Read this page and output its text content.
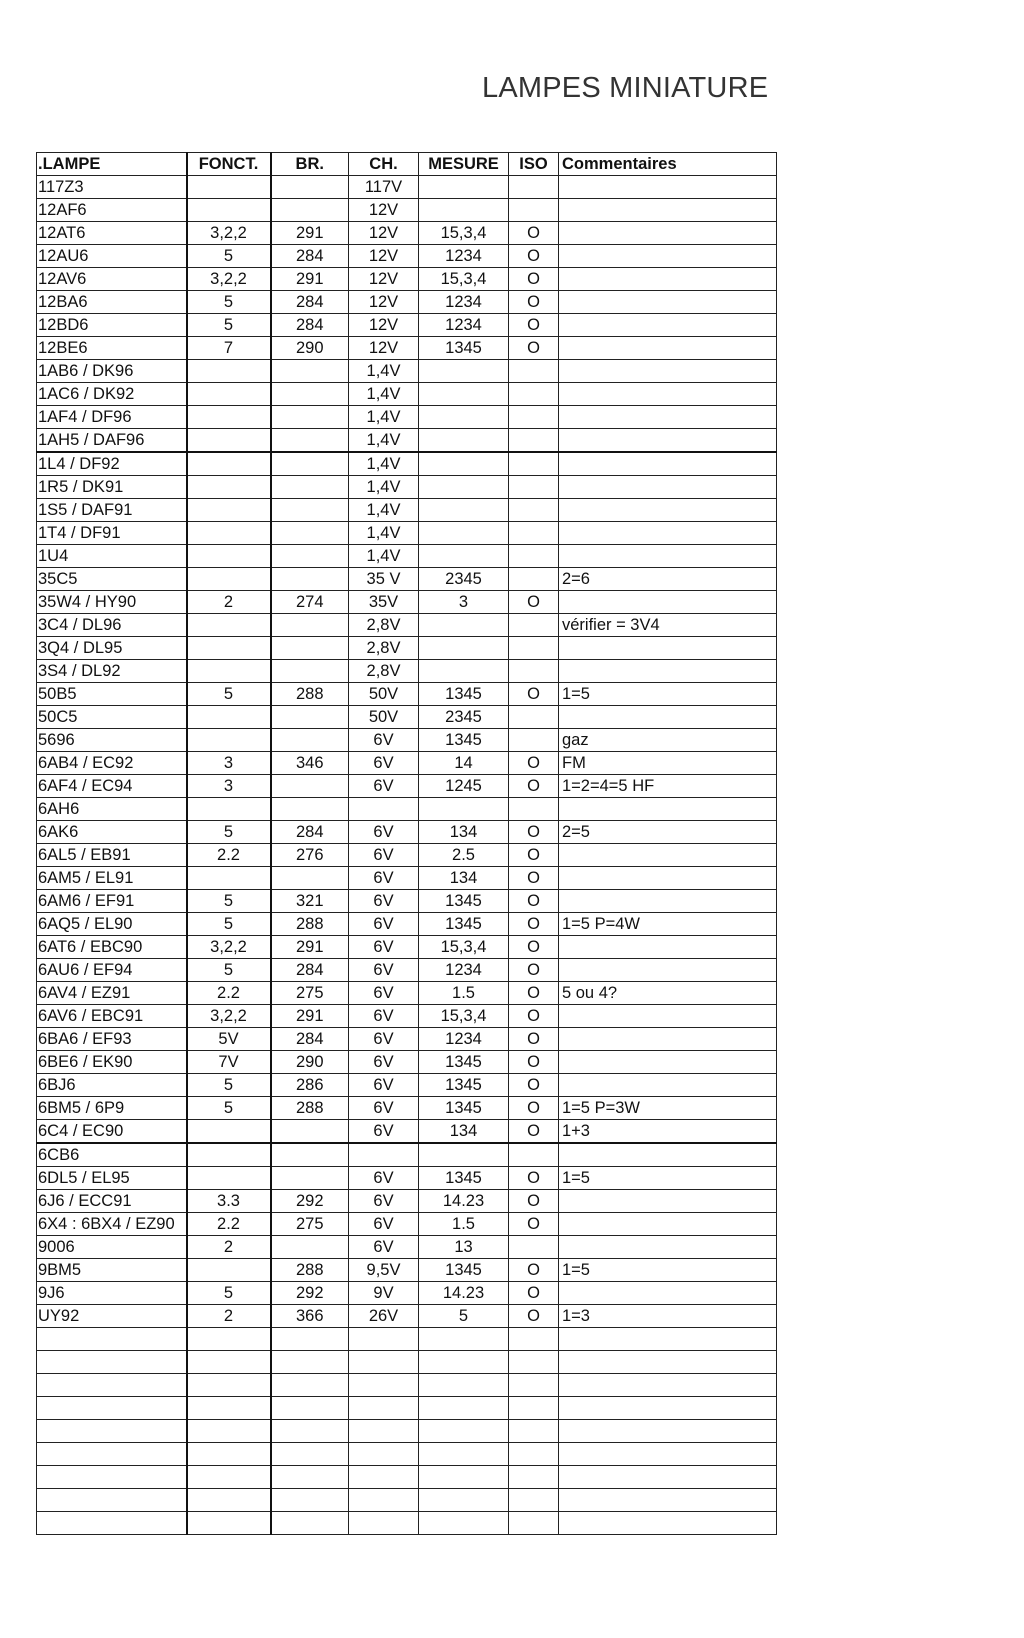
LAMPES MINIATURE
.LAMPE	FONCT.	BR.	CH.	MESURE	ISO	Commentaires
117Z3			117V			
12AF6			12V			
12AT6	3,2,2	291	12V	15,3,4	O	
12AU6	5	284	12V	1234	O	
12AV6	3,2,2	291	12V	15,3,4	O	
12BA6	5	284	12V	1234	O	
12BD6	5	284	12V	1234	O	
12BE6	7	290	12V	1345	O	
1AB6 / DK96			1,4V			
1AC6 / DK92			1,4V			
1AF4 / DF96			1,4V			
1AH5 / DAF96			1,4V			
1L4 / DF92			1,4V			
1R5 / DK91			1,4V			
1S5 / DAF91			1,4V			
1T4 / DF91			1,4V			
1U4			1,4V			
35C5			35 V	2345		2=6
35W4 / HY90	2	274	35V	3	O	
3C4 / DL96			2,8V			vérifier = 3V4
3Q4 / DL95			2,8V			
3S4 / DL92			2,8V			
50B5	5	288	50V	1345	O	1=5
50C5			50V	2345		
5696			6V	1345		gaz
6AB4 / EC92	3	346	6V	14	O	FM
6AF4 / EC94	3		6V	1245	O	1=2=4=5 HF
6AH6						
6AK6	5	284	6V	134	O	2=5
6AL5 / EB91	2.2	276	6V	2.5	O	
6AM5 / EL91			6V	134	O	
6AM6 / EF91	5	321	6V	1345	O	
6AQ5 / EL90	5	288	6V	1345	O	1=5 P=4W
6AT6 / EBC90	3,2,2	291	6V	15,3,4	O	
6AU6 / EF94	5	284	6V	1234	O	
6AV4 / EZ91	2.2	275	6V	1.5	O	5 ou 4?
6AV6 / EBC91	3,2,2	291	6V	15,3,4	O	
6BA6 / EF93	5V	284	6V	1234	O	
6BE6 / EK90	7V	290	6V	1345	O	
6BJ6	5	286	6V	1345	O	
6BM5 / 6P9	5	288	6V	1345	O	1=5 P=3W
6C4 / EC90			6V	134	O	1+3
6CB6						
6DL5 / EL95			6V	1345	O	1=5
6J6 / ECC91	3.3	292	6V	14.23	O	
6X4 : 6BX4 / EZ90	2.2	275	6V	1.5	O	
9006	2		6V	13		
9BM5		288	9,5V	1345	O	1=5
9J6	5	292	9V	14.23	O	
UY92	2	366	26V	5	O	1=3
